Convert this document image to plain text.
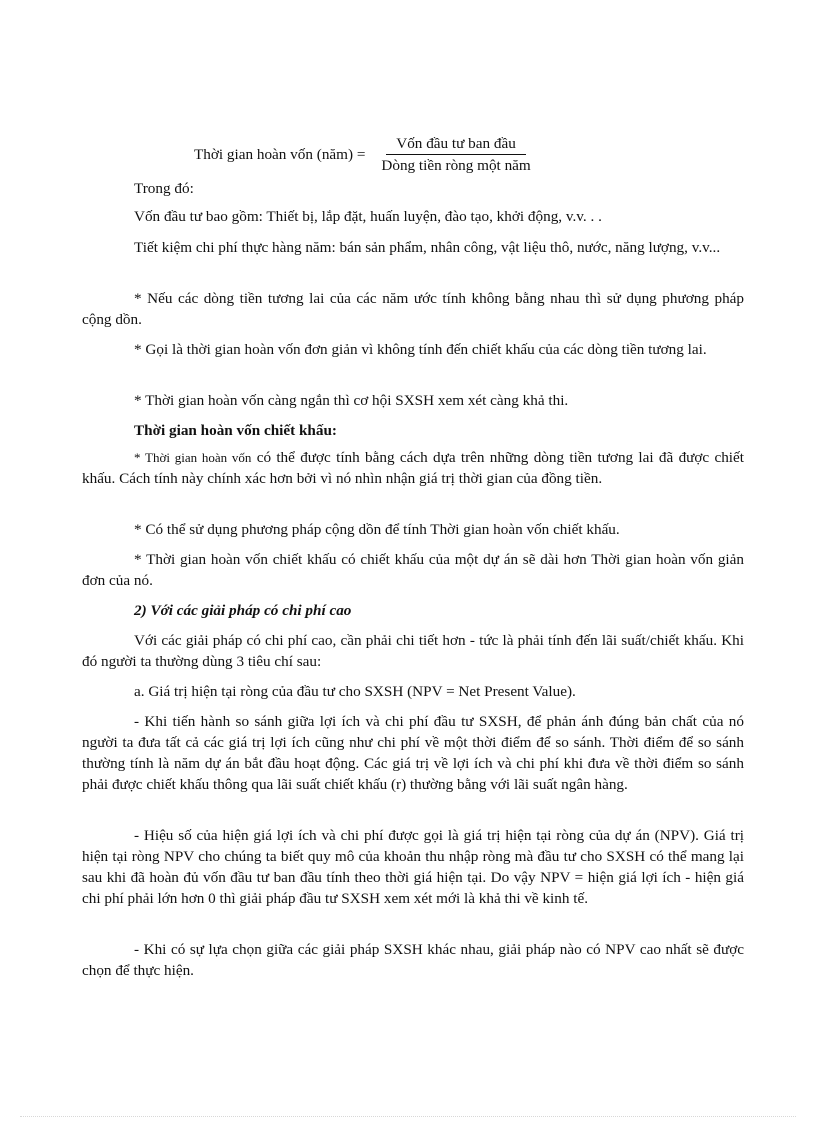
Thời gian hoàn vốn (năm) = $\frac{\text{Vốn đầu tư ban đầu}}{\text{Dòng tiền ròng một năm}}$
Trong đó:
Vốn đầu tư bao gồm: Thiết bị, lắp đặt, huấn luyện, đào tạo, khởi động, v.v. . .
Tiết kiệm chi phí thực hàng năm: bán sản phẩm, nhân công, vật liệu thô, nước, năng lượng, v.v...
* Nếu các dòng tiền tương lai của các năm ước tính không bằng nhau thì sử dụng phương pháp cộng dồn.
* Gọi là thời gian hoàn vốn đơn giản vì không tính đến chiết khấu của các dòng tiền tương lai.
* Thời gian hoàn vốn càng ngắn thì cơ hội SXSH xem xét càng khả thi.
Thời gian hoàn vốn chiết khấu:
* Thời gian hoàn vốn có thể được tính bằng cách dựa trên những dòng tiền tương lai đã được chiết khấu. Cách tính này chính xác hơn bởi vì nó nhìn nhận giá trị thời gian của đồng tiền.
* Có thể sử dụng phương pháp cộng dồn để tính Thời gian hoàn vốn chiết khấu.
* Thời gian hoàn vốn chiết khấu có chiết khấu của một dự án sẽ dài hơn Thời gian hoàn vốn giản đơn của nó.
2) Với các giải pháp có chi phí cao
Với các giải pháp có chi phí cao, cần phải chi tiết hơn - tức là phải tính đến lãi suất/chiết khấu. Khi đó người ta thường dùng 3 tiêu chí sau:
a. Giá trị hiện tại ròng của đầu tư cho SXSH (NPV = Net Present Value).
- Khi tiến hành so sánh giữa lợi ích và chi phí đầu tư SXSH, để phản ánh đúng bản chất của nó người ta đưa tất cả các giá trị lợi ích cũng như chi phí về một thời điểm để so sánh. Thời điểm để so sánh thường tính là năm dự án bắt đầu hoạt động. Các giá trị về lợi ích và chi phí khi đưa về thời điểm so sánh phải được chiết khấu thông qua lãi suất chiết khấu (r) thường bằng với lãi suất ngân hàng.
- Hiệu số của hiện giá lợi ích và chi phí được gọi là giá trị hiện tại ròng của dự án (NPV). Giá trị hiện tại ròng NPV cho chúng ta biết quy mô của khoản thu nhập ròng mà đầu tư cho SXSH có thể mang lại sau khi đã hoàn đủ vốn đầu tư ban đầu tính theo thời giá hiện tại. Do vậy NPV = hiện giá lợi ích - hiện giá chi phí phải lớn hơn 0 thì giải pháp đầu tư SXSH xem xét mới là khả thi về kinh tế.
- Khi có sự lựa chọn giữa các giải pháp SXSH khác nhau, giải pháp nào có NPV cao nhất sẽ được chọn để thực hiện.
